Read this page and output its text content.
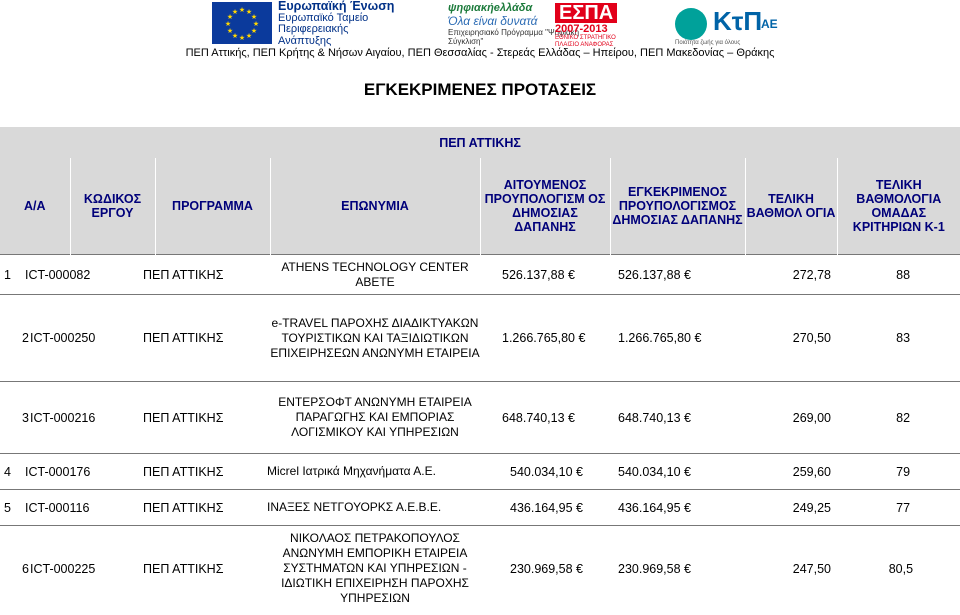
★ ★
★
★
★
★
★
★
★
★
★
★	Ευρωπαϊκή Ένωση
Ευρωπαϊκό Ταμείο
Περιφερειακής
Ανάπτυξης
ψηφιακήeλλάδα
Όλα είναι δυνατά
Επιχειρησιακό Πρόγραμμα "Ψηφιακή Σύγκλιση"
ΕΣΠΑ
2007-2013
ΕΘΝΙΚΟ ΣΤΡΑΤΗΓΙΚΟ ΠΛΑΙΣΙΟ ΑΝΑΦΟΡΑΣ
ΚτΠ
ΑΕ
Ποιότητα ζωής για όλους
ΠΕΠ Αττικής, ΠΕΠ Κρήτης & Νήσων Αιγαίου, ΠΕΠ Θεσσαλίας - Στερεάς Ελλάδας – Ηπείρου, ΠΕΠ Μακεδονίας – Θράκης
ΕΓΚΕΚΡΙΜΕΝΕΣ ΠΡΟΤΑΣΕΙΣ
ΠΕΠ ΑΤΤΙΚΗΣ
Α/Α	ΚΩΔΙΚΟΣ ΕΡΓΟΥ	ΠΡΟΓΡΑΜΜΑ	ΕΠΩΝΥΜΙΑ	ΑΙΤΟΥΜΕΝΟΣ ΠΡΟΥΠΟΛΟΓΙΣΜ ΟΣ ΔΗΜΟΣΙΑΣ ΔΑΠΑΝΗΣ	ΕΓΚΕΚΡΙΜΕΝΟΣ ΠΡΟΥΠΟΛΟΓΙΣΜΟΣ ΔΗΜΟΣΙΑΣ ΔΑΠΑΝΗΣ	ΤΕΛΙΚΗ ΒΑΘΜΟΛ ΟΓΙΑ	ΤΕΛΙΚΗ ΒΑΘΜΟΛΟΓΙΑ ΟΜΑΔΑΣ ΚΡΙΤΗΡΙΩΝ Κ-1
1	ICT-000082	ΠΕΠ ΑΤΤΙΚΗΣ	ATHENS TECHNOLOGY CENTER ΑΒΕΤΕ	526.137,88 €	526.137,88 €	272,78	88
2	ICT-000250	ΠΕΠ ΑΤΤΙΚΗΣ	e-TRAVEL ΠΑΡΟΧΗΣ ΔΙΑΔΙΚΤΥΑΚΩΝ ΤΟΥΡΙΣΤΙΚΩΝ ΚΑΙ ΤΑΞΙΔΙΩΤΙΚΩΝ ΕΠΙΧΕΙΡΗΣΕΩΝ ΑΝΩΝΥΜΗ ΕΤΑΙΡΕΙΑ	1.266.765,80 €	1.266.765,80 €	270,50	83
3	ICT-000216	ΠΕΠ ΑΤΤΙΚΗΣ	ΕΝΤΕΡΣΟΦΤ ΑΝΩΝΥΜΗ ΕΤΑΙΡΕΙΑ ΠΑΡΑΓΩΓΗΣ ΚΑΙ ΕΜΠΟΡΙΑΣ ΛΟΓΙΣΜΙΚΟΥ ΚΑΙ ΥΠΗΡΕΣΙΩΝ	648.740,13 €	648.740,13 €	269,00	82
4	ICT-000176	ΠΕΠ ΑΤΤΙΚΗΣ	Micrel Ιατρικά Μηχανήματα Α.Ε.	540.034,10 €	540.034,10 €	259,60	79
5	ICT-000116	ΠΕΠ ΑΤΤΙΚΗΣ	ΙΝΑΞΕΣ ΝΕΤΓΟΥΟΡΚΣ Α.Ε.Β.Ε.	436.164,95 €	436.164,95 €	249,25	77
6	ICT-000225	ΠΕΠ ΑΤΤΙΚΗΣ	ΝΙΚΟΛΑΟΣ ΠΕΤΡΑΚΟΠΟΥΛΟΣ ΑΝΩΝΥΜΗ ΕΜΠΟΡΙΚΗ ΕΤΑΙΡΕΙΑ ΣΥΣΤΗΜΑΤΩΝ ΚΑΙ ΥΠΗΡΕΣΙΩΝ - ΙΔΙΩΤΙΚΗ ΕΠΙΧΕΙΡΗΣΗ ΠΑΡΟΧΗΣ ΥΠΗΡΕΣΙΩΝ	230.969,58 €	230.969,58 €	247,50	80,5
